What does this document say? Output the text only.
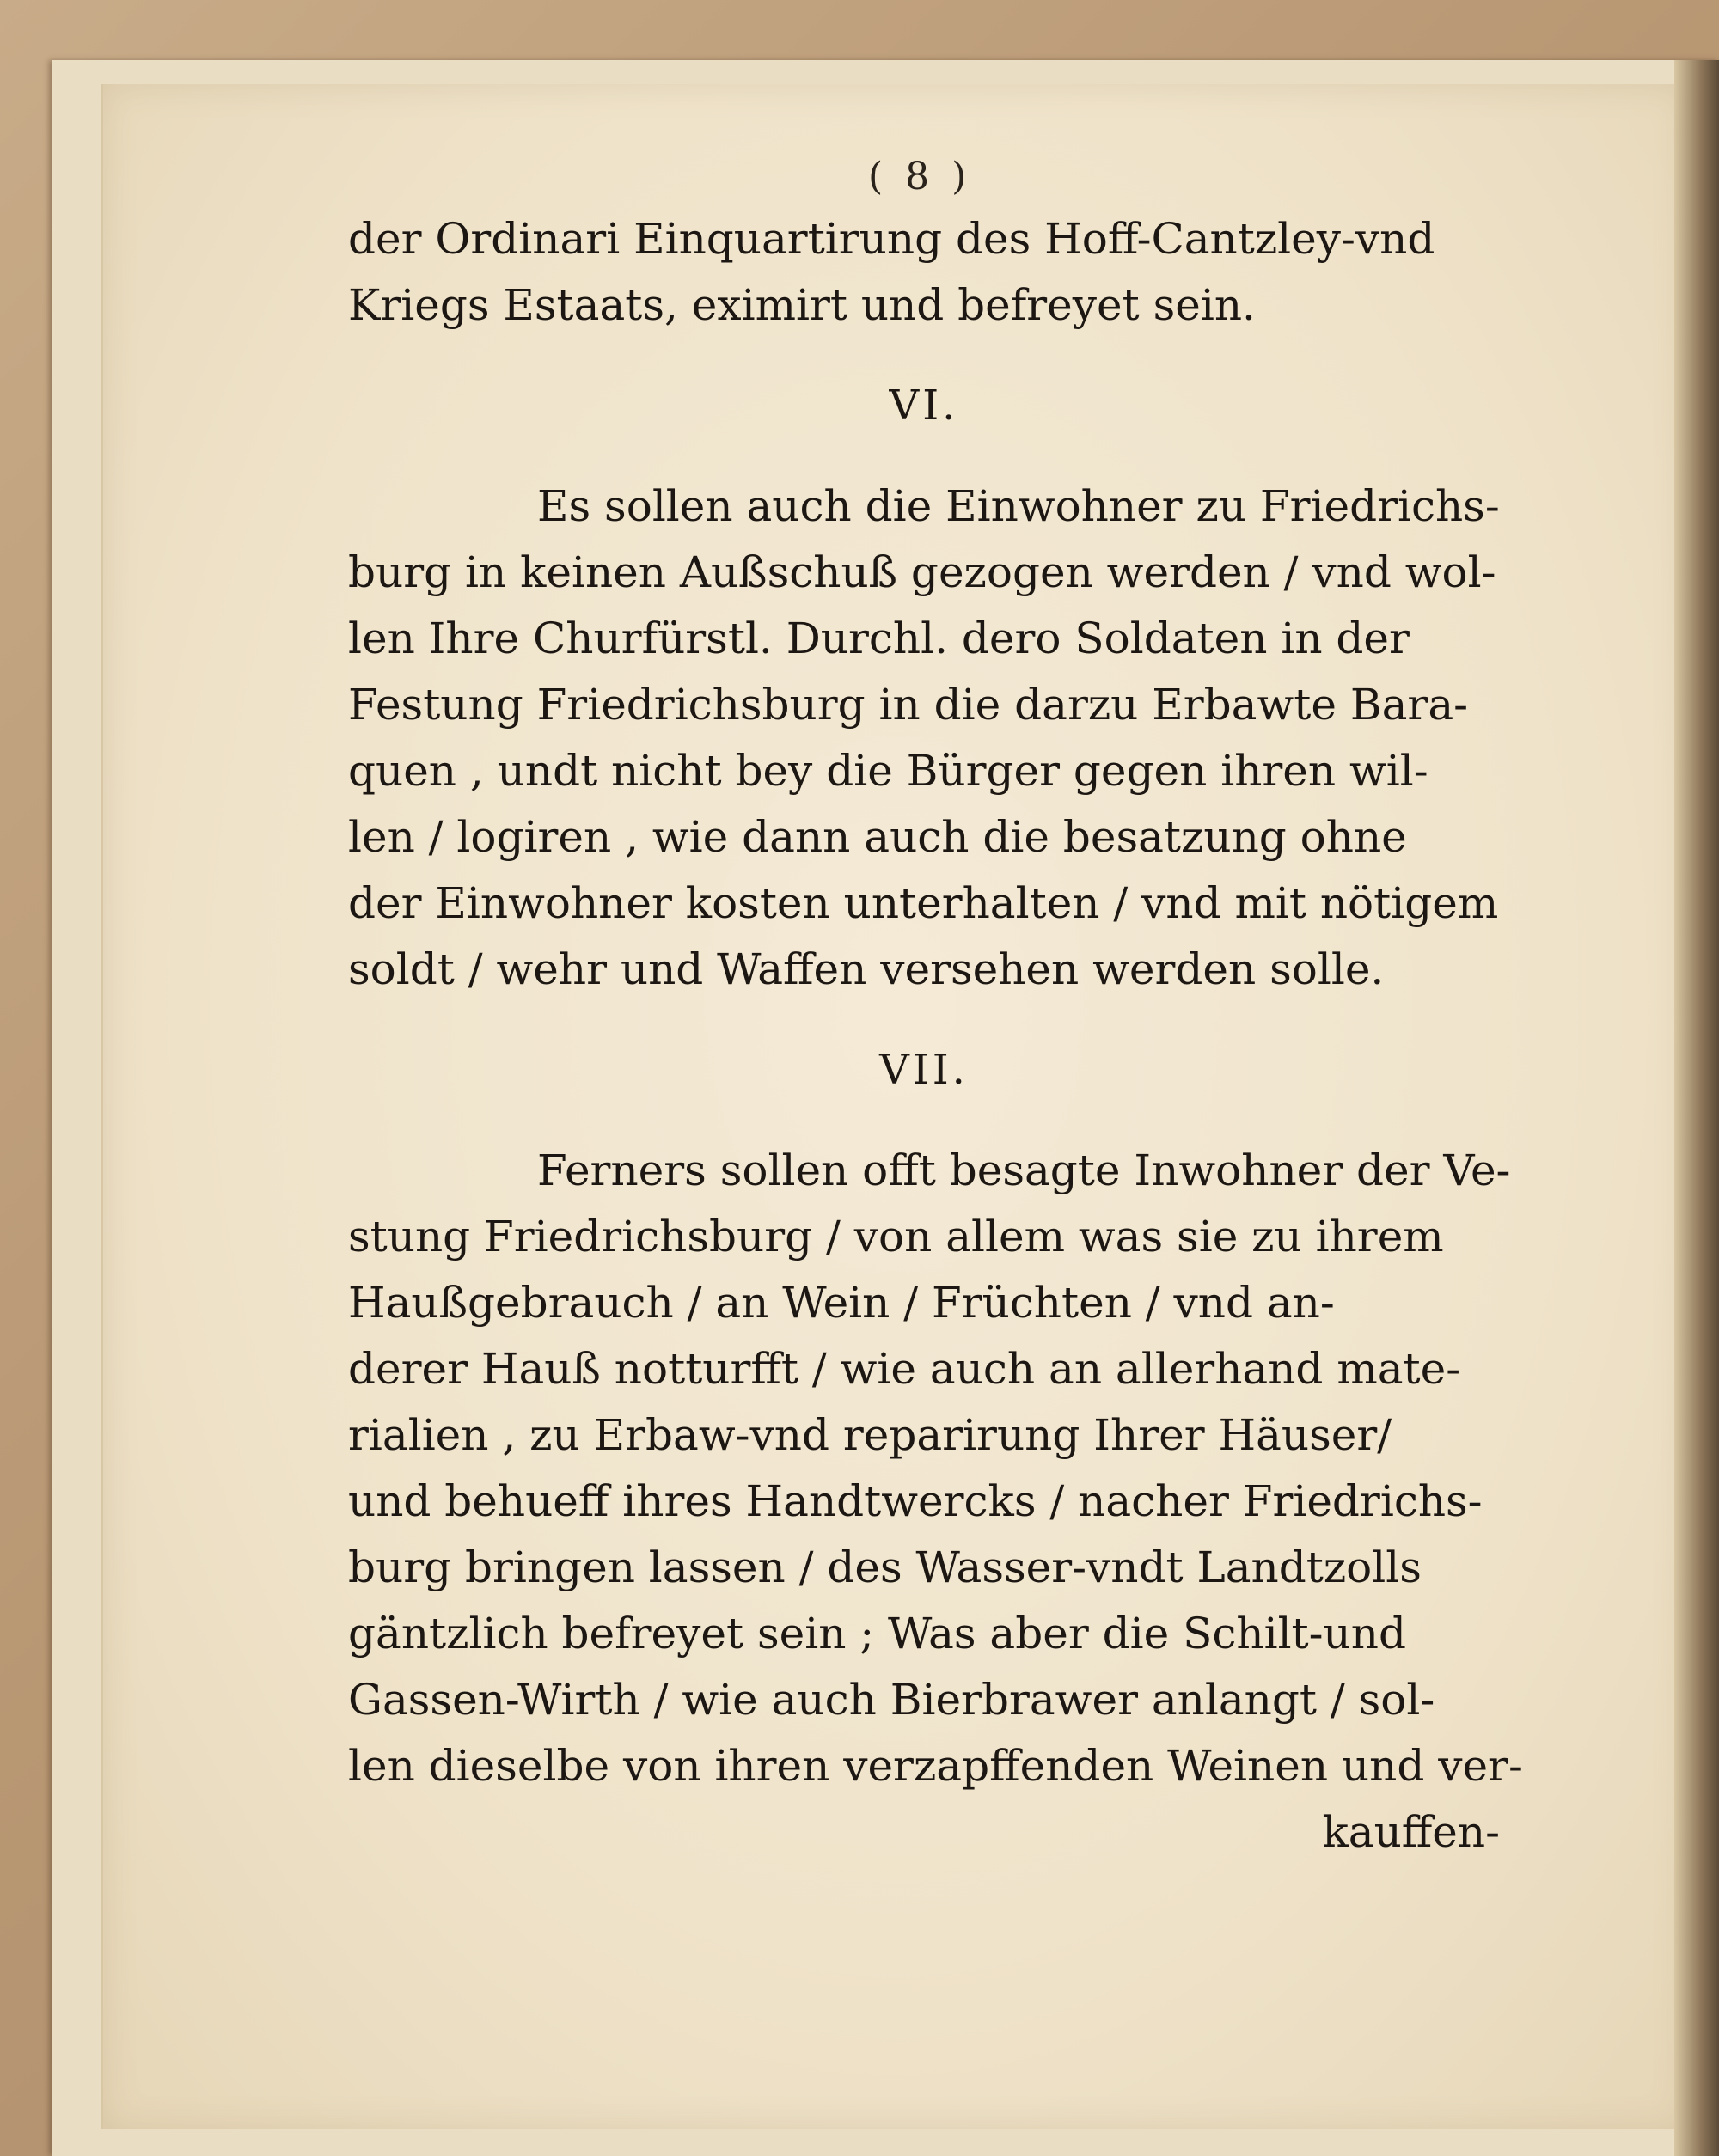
( 8 )
der Ordinari Einquartirung des Hoff-Cantzley-vnd
Kriegs Estaats, eximirt und befreyet sein.
VI.
Es sollen auch die Einwohner zu Friedrichs-
burg in keinen Außschuß gezogen werden / vnd wol-
len Ihre Churfürstl. Durchl. dero Soldaten in der
Festung Friedrichsburg in die darzu Erbawte Bara-
quen , undt nicht bey die Bürger gegen ihren wil-
len / logiren , wie dann auch die besatzung ohne
der Einwohner kosten unterhalten / vnd mit nötigem
soldt / wehr und Waffen versehen werden solle.
VII.
Ferners sollen offt besagte Inwohner der Ve-
stung Friedrichsburg / von allem was sie zu ihrem
Haußgebrauch / an Wein / Früchten / vnd an-
derer Hauß notturfft / wie auch an allerhand mate-
rialien , zu Erbaw-vnd reparirung Ihrer Häuser/
und behueff ihres Handtwercks / nacher Friedrichs-
burg bringen lassen / des Wasser-vndt Landtzolls
gäntzlich befreyet sein ; Was aber die Schilt-und
Gassen-Wirth / wie auch Bierbrawer anlangt / sol-
len dieselbe von ihren verzapffenden Weinen und ver-
kauffen-
